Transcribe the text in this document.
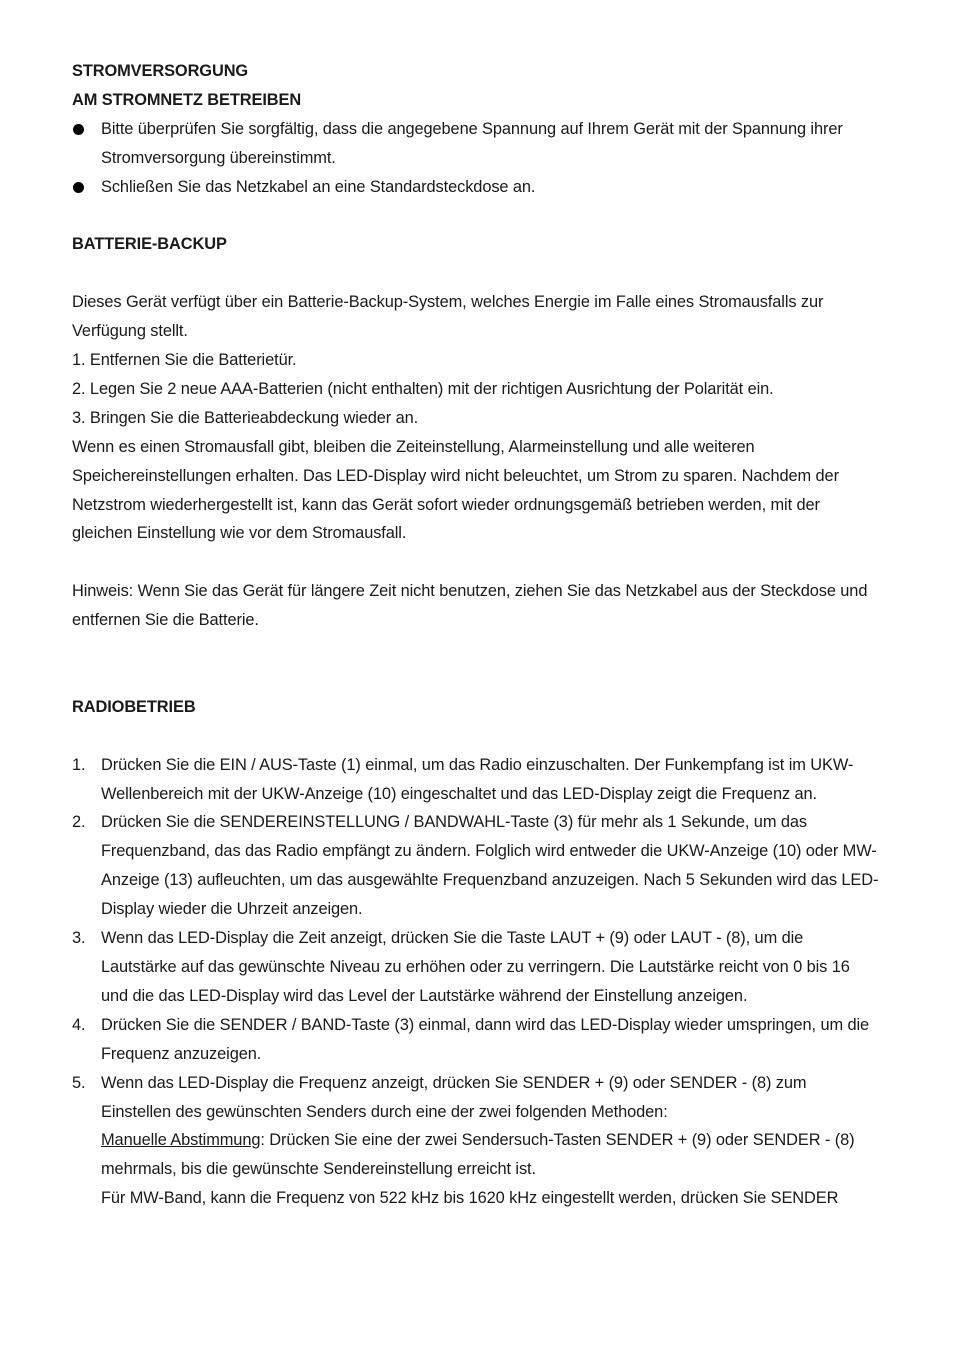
STROMVERSORGUNG

AM STROMNETZ BETREIBEN

Bitte überprüfen Sie sorgfältig, dass die angegebene Spannung auf Ihrem Gerät mit der Spannung ihrer Stromversorgung übereinstimmt.
Schließen Sie das Netzkabel an eine Standardsteckdose an.

BATTERIE-BACKUP

Dieses Gerät verfügt über ein Batterie-Backup-System, welches Energie im Falle eines Stromausfalls zur Verfügung stellt.

1. Entfernen Sie die Batterietür.

2. Legen Sie 2 neue AAA-Batterien (nicht enthalten) mit der richtigen Ausrichtung der Polarität ein.

3. Bringen Sie die Batterieabdeckung wieder an.

Wenn es einen Stromausfall gibt, bleiben die Zeiteinstellung, Alarmeinstellung und alle weiteren Speichereinstellungen erhalten. Das LED-Display wird nicht beleuchtet, um Strom zu sparen. Nachdem der Netzstrom wiederhergestellt ist, kann das Gerät sofort wieder ordnungsgemäß betrieben werden, mit der gleichen Einstellung wie vor dem Stromausfall.

Hinweis: Wenn Sie das Gerät für längere Zeit nicht benutzen, ziehen Sie das Netzkabel aus der Steckdose und entfernen Sie die Batterie.

RADIOBETRIEB

1. Drücken Sie die EIN / AUS-Taste (1) einmal, um das Radio einzuschalten. Der Funkempfang ist im UKW-Wellenbereich mit der UKW-Anzeige (10) eingeschaltet und das LED-Display zeigt die Frequenz an.
2. Drücken Sie die SENDEREINSTELLUNG / BANDWAHL-Taste (3) für mehr als 1 Sekunde, um das Frequenzband, das das Radio empfängt zu ändern. Folglich wird entweder die UKW-Anzeige (10) oder MW-Anzeige (13) aufleuchten, um das ausgewählte Frequenzband anzuzeigen. Nach 5 Sekunden wird das LED-Display wieder die Uhrzeit anzeigen.
3. Wenn das LED-Display die Zeit anzeigt, drücken Sie die Taste LAUT + (9) oder LAUT - (8), um die Lautstärke auf das gewünschte Niveau zu erhöhen oder zu verringern. Die Lautstärke reicht von 0 bis 16 und die das LED-Display wird das Level der Lautstärke während der Einstellung anzeigen.
4. Drücken Sie die SENDER / BAND-Taste (3) einmal, dann wird das LED-Display wieder umspringen, um die Frequenz anzuzeigen.
5. Wenn das LED-Display die Frequenz anzeigt, drücken Sie SENDER + (9) oder SENDER - (8) zum Einstellen des gewünschten Senders durch eine der zwei folgenden Methoden:
Manuelle Abstimmung: Drücken Sie eine der zwei Sendersuch-Tasten SENDER + (9) oder SENDER - (8) mehrmals, bis die gewünschte Sendereinstellung erreicht ist.
Für MW-Band, kann die Frequenz von 522 kHz bis 1620 kHz eingestellt werden, drücken Sie SENDER
